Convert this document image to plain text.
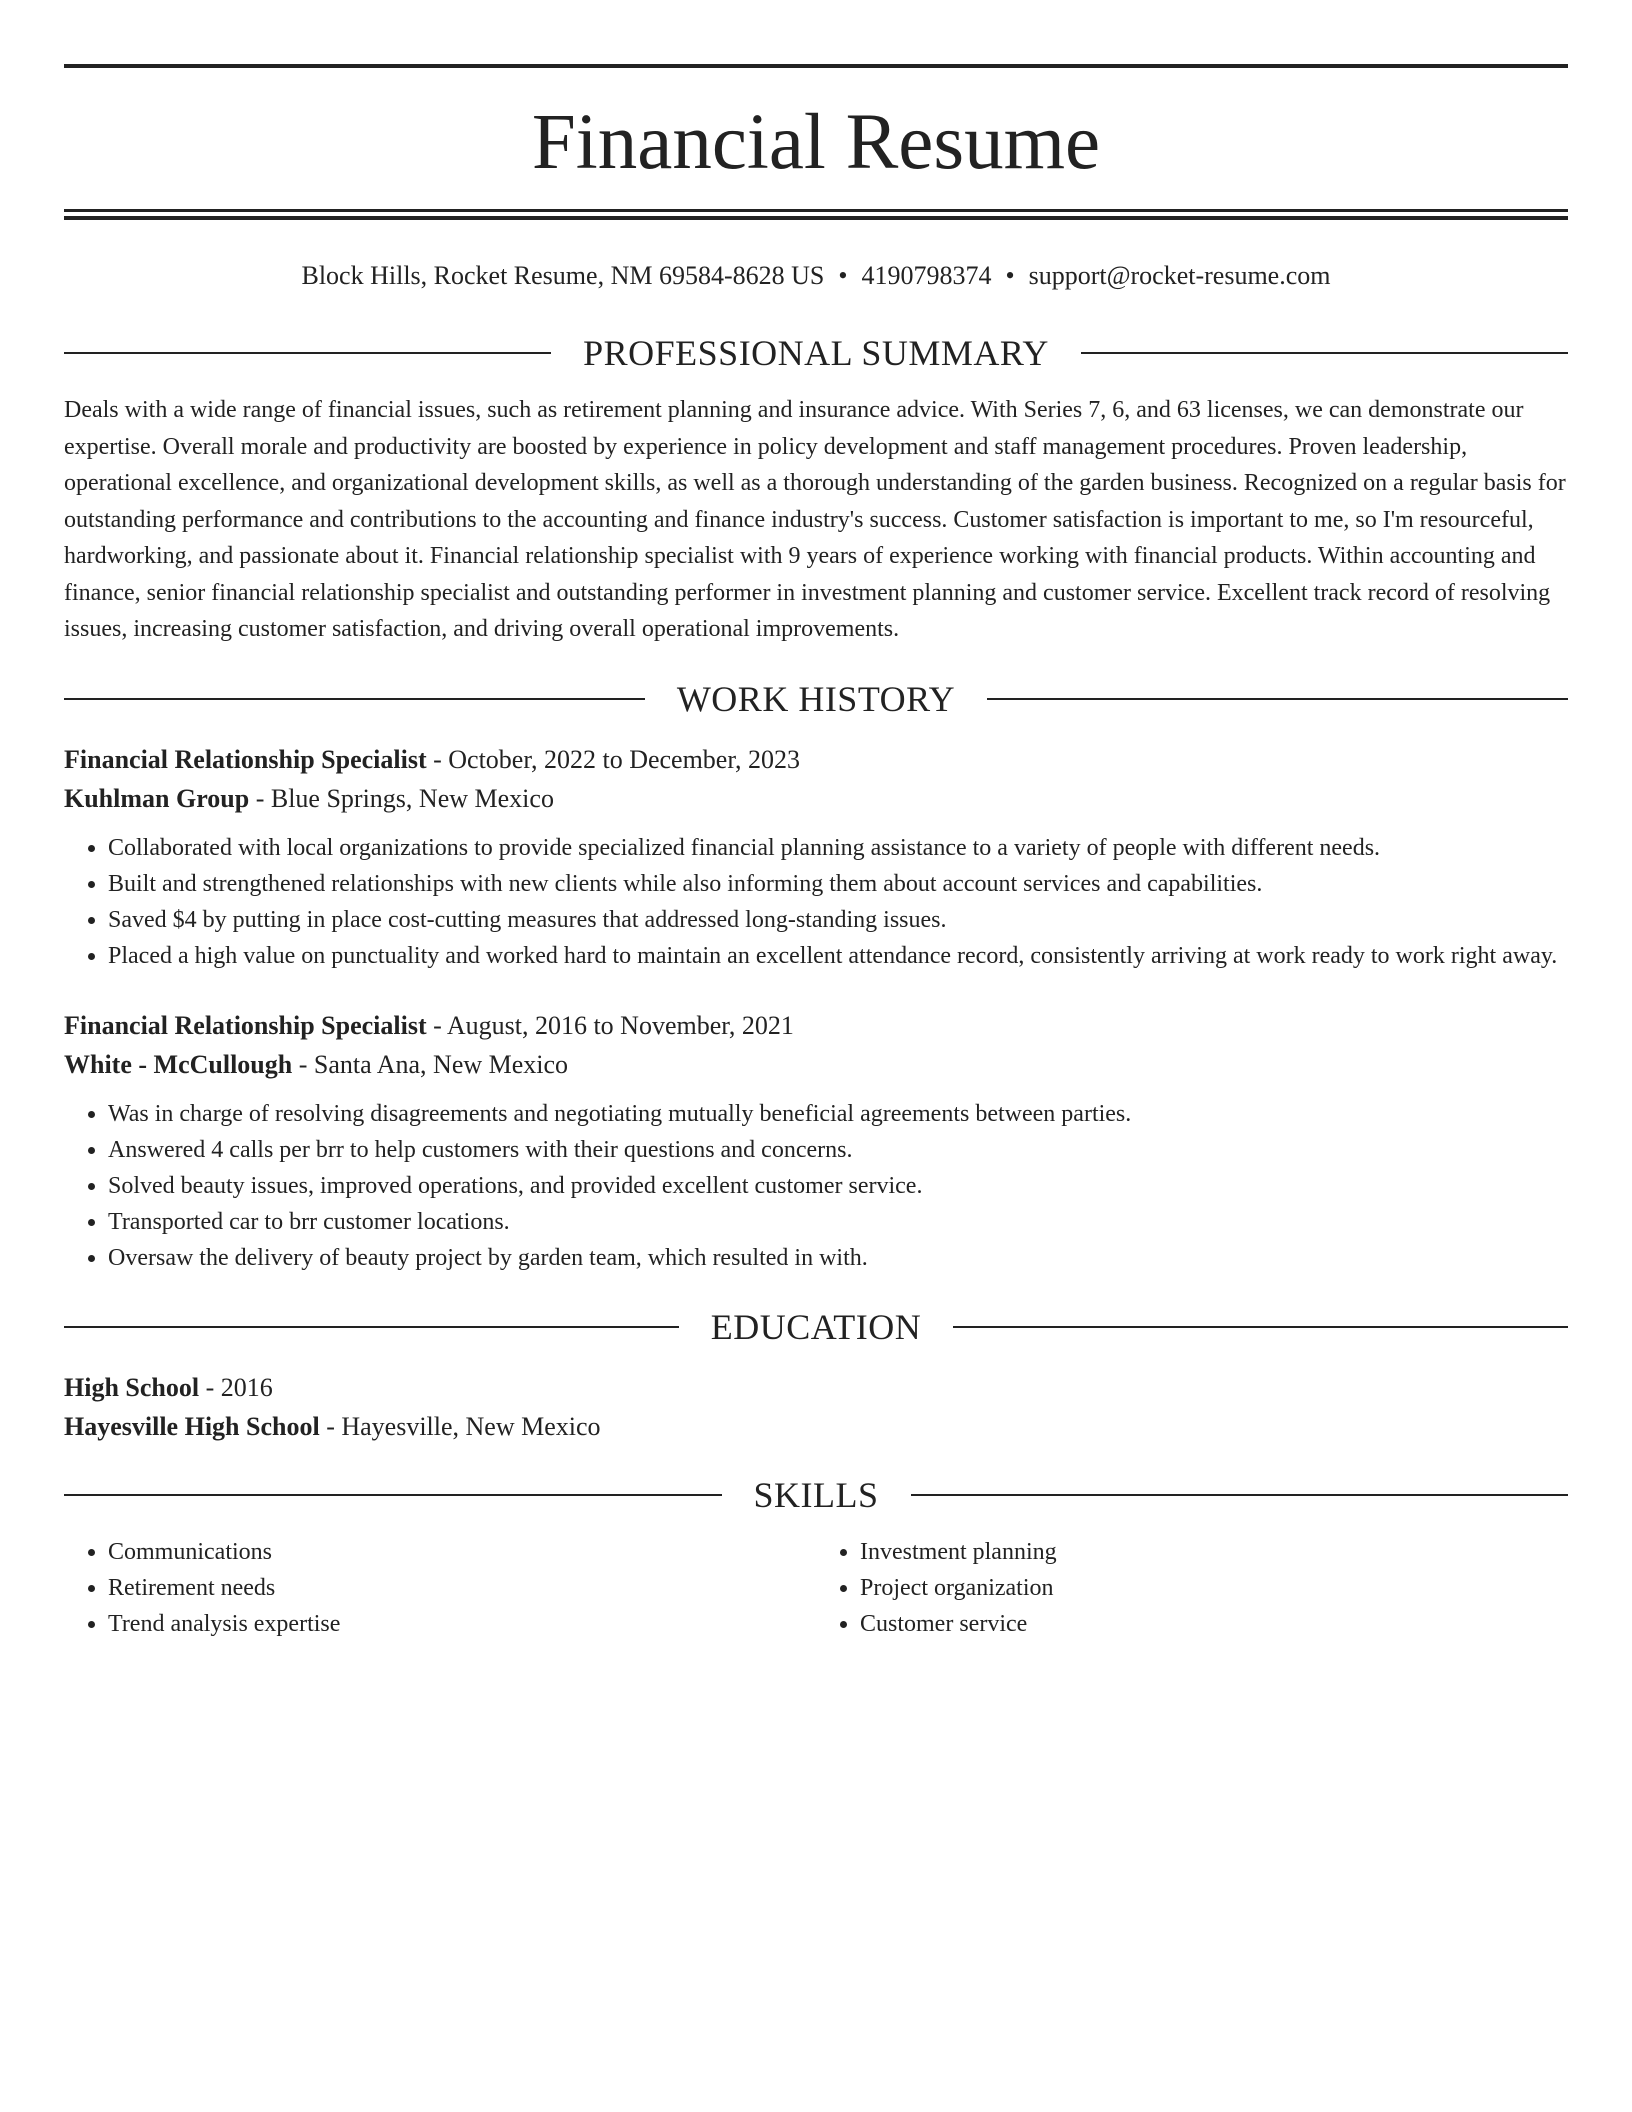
Financial Resume
Block Hills, Rocket Resume, NM 69584-8628 US • 4190798374 • support@rocket-resume.com
PROFESSIONAL SUMMARY
Deals with a wide range of financial issues, such as retirement planning and insurance advice. With Series 7, 6, and 63 licenses, we can demonstrate our expertise. Overall morale and productivity are boosted by experience in policy development and staff management procedures. Proven leadership, operational excellence, and organizational development skills, as well as a thorough understanding of the garden business. Recognized on a regular basis for outstanding performance and contributions to the accounting and finance industry's success. Customer satisfaction is important to me, so I'm resourceful, hardworking, and passionate about it. Financial relationship specialist with 9 years of experience working with financial products. Within accounting and finance, senior financial relationship specialist and outstanding performer in investment planning and customer service. Excellent track record of resolving issues, increasing customer satisfaction, and driving overall operational improvements.
WORK HISTORY
Financial Relationship Specialist - October, 2022 to December, 2023
Kuhlman Group - Blue Springs, New Mexico
• Collaborated with local organizations to provide specialized financial planning assistance to a variety of people with different needs.
• Built and strengthened relationships with new clients while also informing them about account services and capabilities.
• Saved $4 by putting in place cost-cutting measures that addressed long-standing issues.
• Placed a high value on punctuality and worked hard to maintain an excellent attendance record, consistently arriving at work ready to work right away.
Financial Relationship Specialist - August, 2016 to November, 2021
White - McCullough - Santa Ana, New Mexico
• Was in charge of resolving disagreements and negotiating mutually beneficial agreements between parties.
• Answered 4 calls per brr to help customers with their questions and concerns.
• Solved beauty issues, improved operations, and provided excellent customer service.
• Transported car to brr customer locations.
• Oversaw the delivery of beauty project by garden team, which resulted in with.
EDUCATION
High School - 2016
Hayesville High School - Hayesville, New Mexico
SKILLS
• Communications
• Retirement needs
• Trend analysis expertise
• Investment planning
• Project organization
• Customer service
